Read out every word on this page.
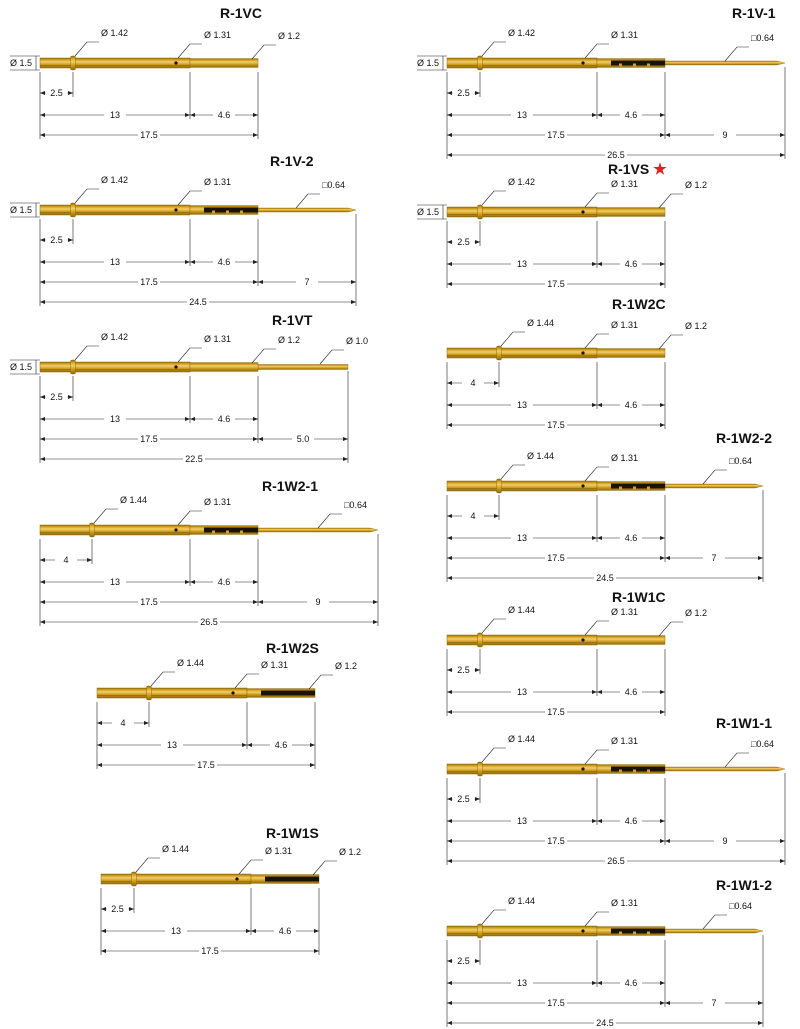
R-1VC
Ø 1.42	Ø 1.31	Ø 1.2
Ø 1.5
2.5
13	4.6
17.5
R-1V-2
Ø 1.42	Ø 1.31	□0.64
Ø 1.5
2.5
13	4.6
17.5	7
24.5
R-1VT
Ø 1.42	Ø 1.31	Ø 1.2	Ø 1.0
Ø 1.5
2.5
13	4.6
17.5	5.0
22.5
R-1W2-1
Ø 1.44	Ø 1.31	□0.64
4
13	4.6
17.5	9
26.5
R-1W2S
Ø 1.44	Ø 1.31	Ø 1.2
4
13	4.6
17.5
R-1W1S
Ø 1.44	Ø 1.31	Ø 1.2
2.5
13	4.6
17.5
R-1V-1
Ø 1.42	Ø 1.31	□0.64
Ø 1.5
2.5
13	4.6
17.5	9
26.5
R-1VS ★
Ø 1.42	Ø 1.31	Ø 1.2
Ø 1.5
2.5
13	4.6
17.5
R-1W2C
Ø 1.44	Ø 1.31	Ø 1.2
4
13	4.6
17.5
R-1W2-2
Ø 1.44	Ø 1.31	□0.64
4
13	4.6
17.5	7
24.5
R-1W1C
Ø 1.44	Ø 1.31	Ø 1.2
2.5
13	4.6
17.5
R-1W1-1
Ø 1.44	Ø 1.31	□0.64
2.5
13	4.6
17.5	9
26.5
R-1W1-2
Ø 1.44	Ø 1.31	□0.64
2.5
13	4.6
17.5	7
24.5
